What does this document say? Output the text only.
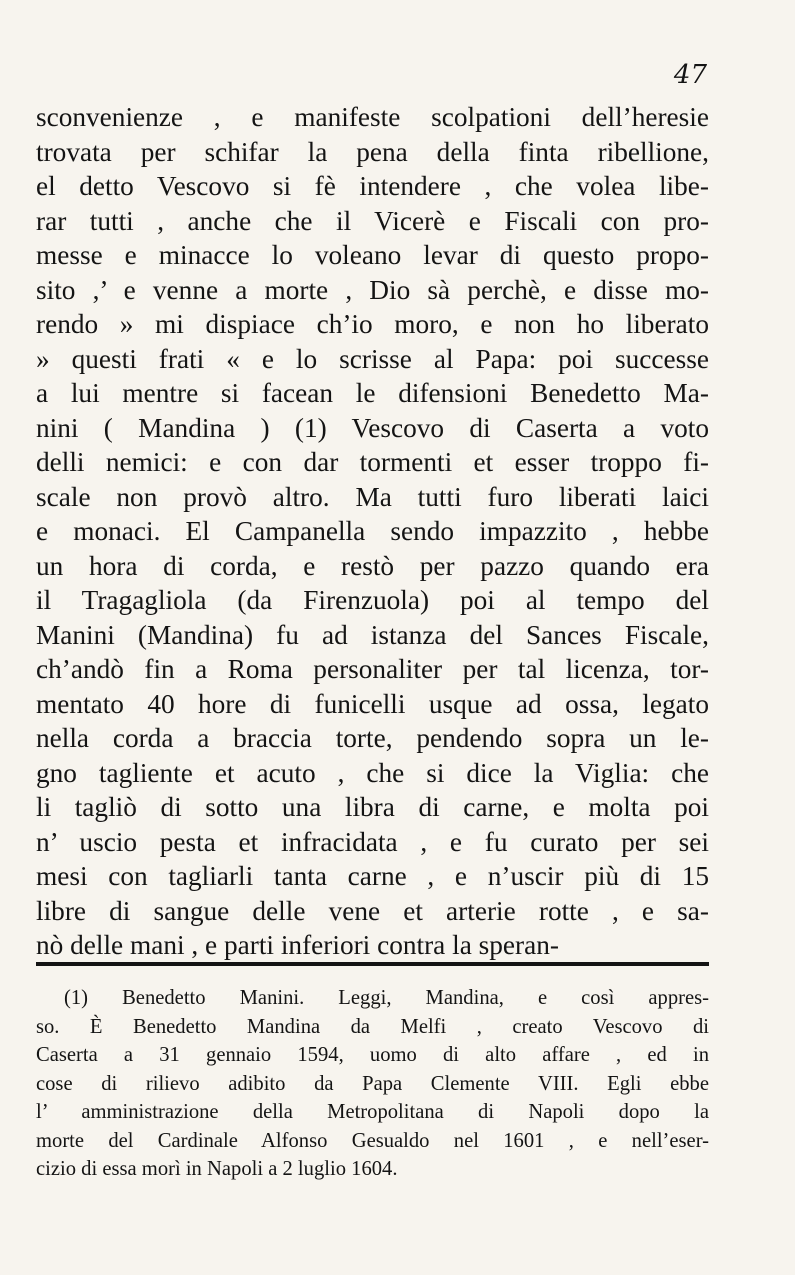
47
sconvenienze , e manifeste scolpationi dell’heresie
trovata per schifar la pena della finta ribellione,
el detto Vescovo si fè intendere , che volea libe-
rar tutti , anche che il Vicerè e Fiscali con pro-
messe e minacce lo voleano levar di questo propo-
sito ,’ e venne a morte , Dio sà perchè, e disse mo-
rendo » mi dispiace ch’io moro, e non ho liberato
» questi frati « e lo scrisse al Papa: poi successe
a lui mentre si facean le difensioni Benedetto Ma-
nini ( Mandina ) (1) Vescovo di Caserta a voto
delli nemici: e con dar tormenti et esser troppo fi-
scale non provò altro. Ma tutti furo liberati laici
e monaci. El Campanella sendo impazzito , hebbe
un hora di corda, e restò per pazzo quando era
il Tragagliola (da Firenzuola) poi al tempo del
Manini (Mandina) fu ad istanza del Sances Fiscale,
ch’andò fin a Roma personaliter per tal licenza, tor-
mentato 40 hore di funicelli usque ad ossa, legato
nella corda a braccia torte, pendendo sopra un le-
gno tagliente et acuto , che si dice la Viglia: che
li tagliò di sotto una libra di carne, e molta poi
n’ uscio pesta et infracidata , e fu curato per sei
mesi con tagliarli tanta carne , e n’uscir più di 15
libre di sangue delle vene et arterie rotte , e sa-
nò delle mani , e parti inferiori contra la speran-
(1) Benedetto Manini. Leggi, Mandina, e così appres-
so. È Benedetto Mandina da Melfi , creato Vescovo di
Caserta a 31 gennaio 1594, uomo di alto affare , ed in
cose di rilievo adibito da Papa Clemente VIII. Egli ebbe
l’ amministrazione della Metropolitana di Napoli dopo la
morte del Cardinale Alfonso Gesualdo nel 1601 , e nell’eser-
cizio di essa morì in Napoli a 2 luglio 1604.
